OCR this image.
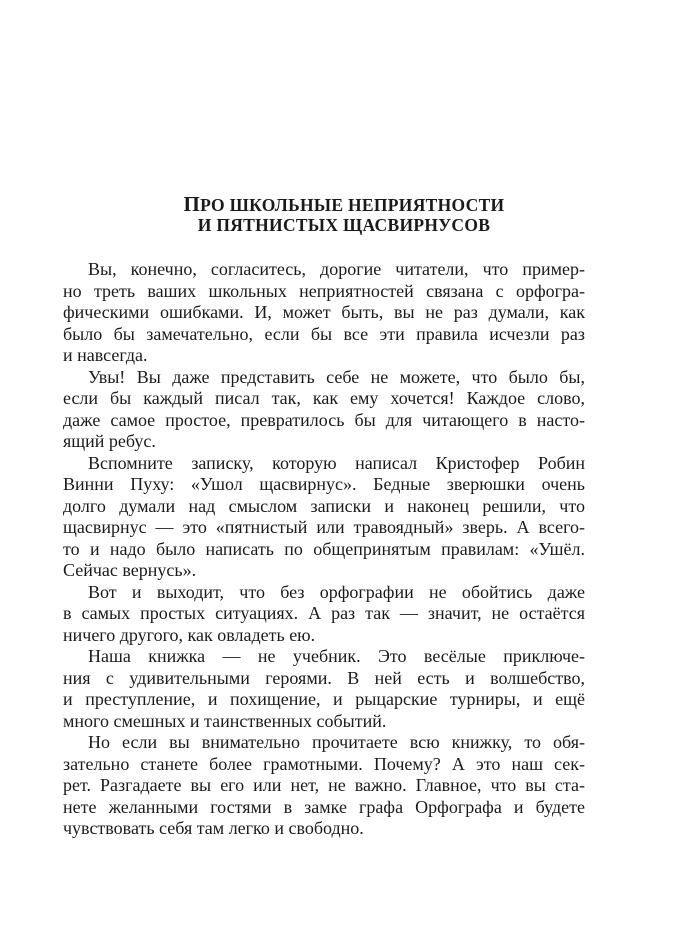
ПРО ШКОЛЬНЫЕ НЕПРИЯТНОСТИ
И ПЯТНИСТЫХ ЩАСВИРНУСОВ
Вы, конечно, согласитесь, дорогие читатели, что пример-
но треть ваших школьных неприятностей связана с орфогра-
фическими ошибками. И, может быть, вы не раз думали, как
было бы замечательно, если бы все эти правила исчезли раз
и навсегда.
Увы! Вы даже представить себе не можете, что было бы,
если бы каждый писал так, как ему хочется! Каждое слово,
даже самое простое, превратилось бы для читающего в насто-
ящий ребус.
Вспомните записку, которую написал Кристофер Робин
Винни Пуху: «Ушол щасвирнус». Бедные зверюшки очень
долго думали над смыслом записки и наконец решили, что
щасвирнус — это «пятнистый или травоядный» зверь. А всего-
то и надо было написать по общепринятым правилам: «Ушёл.
Сейчас вернусь».
Вот и выходит, что без орфографии не обойтись даже
в самых простых ситуациях. А раз так — значит, не остаётся
ничего другого, как овладеть ею.
Наша книжка — не учебник. Это весёлые приключе-
ния с удивительными героями. В ней есть и волшебство,
и преступление, и похищение, и рыцарские турниры, и ещё
много смешных и таинственных событий.
Но если вы внимательно прочитаете всю книжку, то обя-
зательно станете более грамотными. Почему? А это наш сек-
рет. Разгадаете вы его или нет, не важно. Главное, что вы ста-
нете желанными гостями в замке графа Орфографа и будете
чувствовать себя там легко и свободно.
